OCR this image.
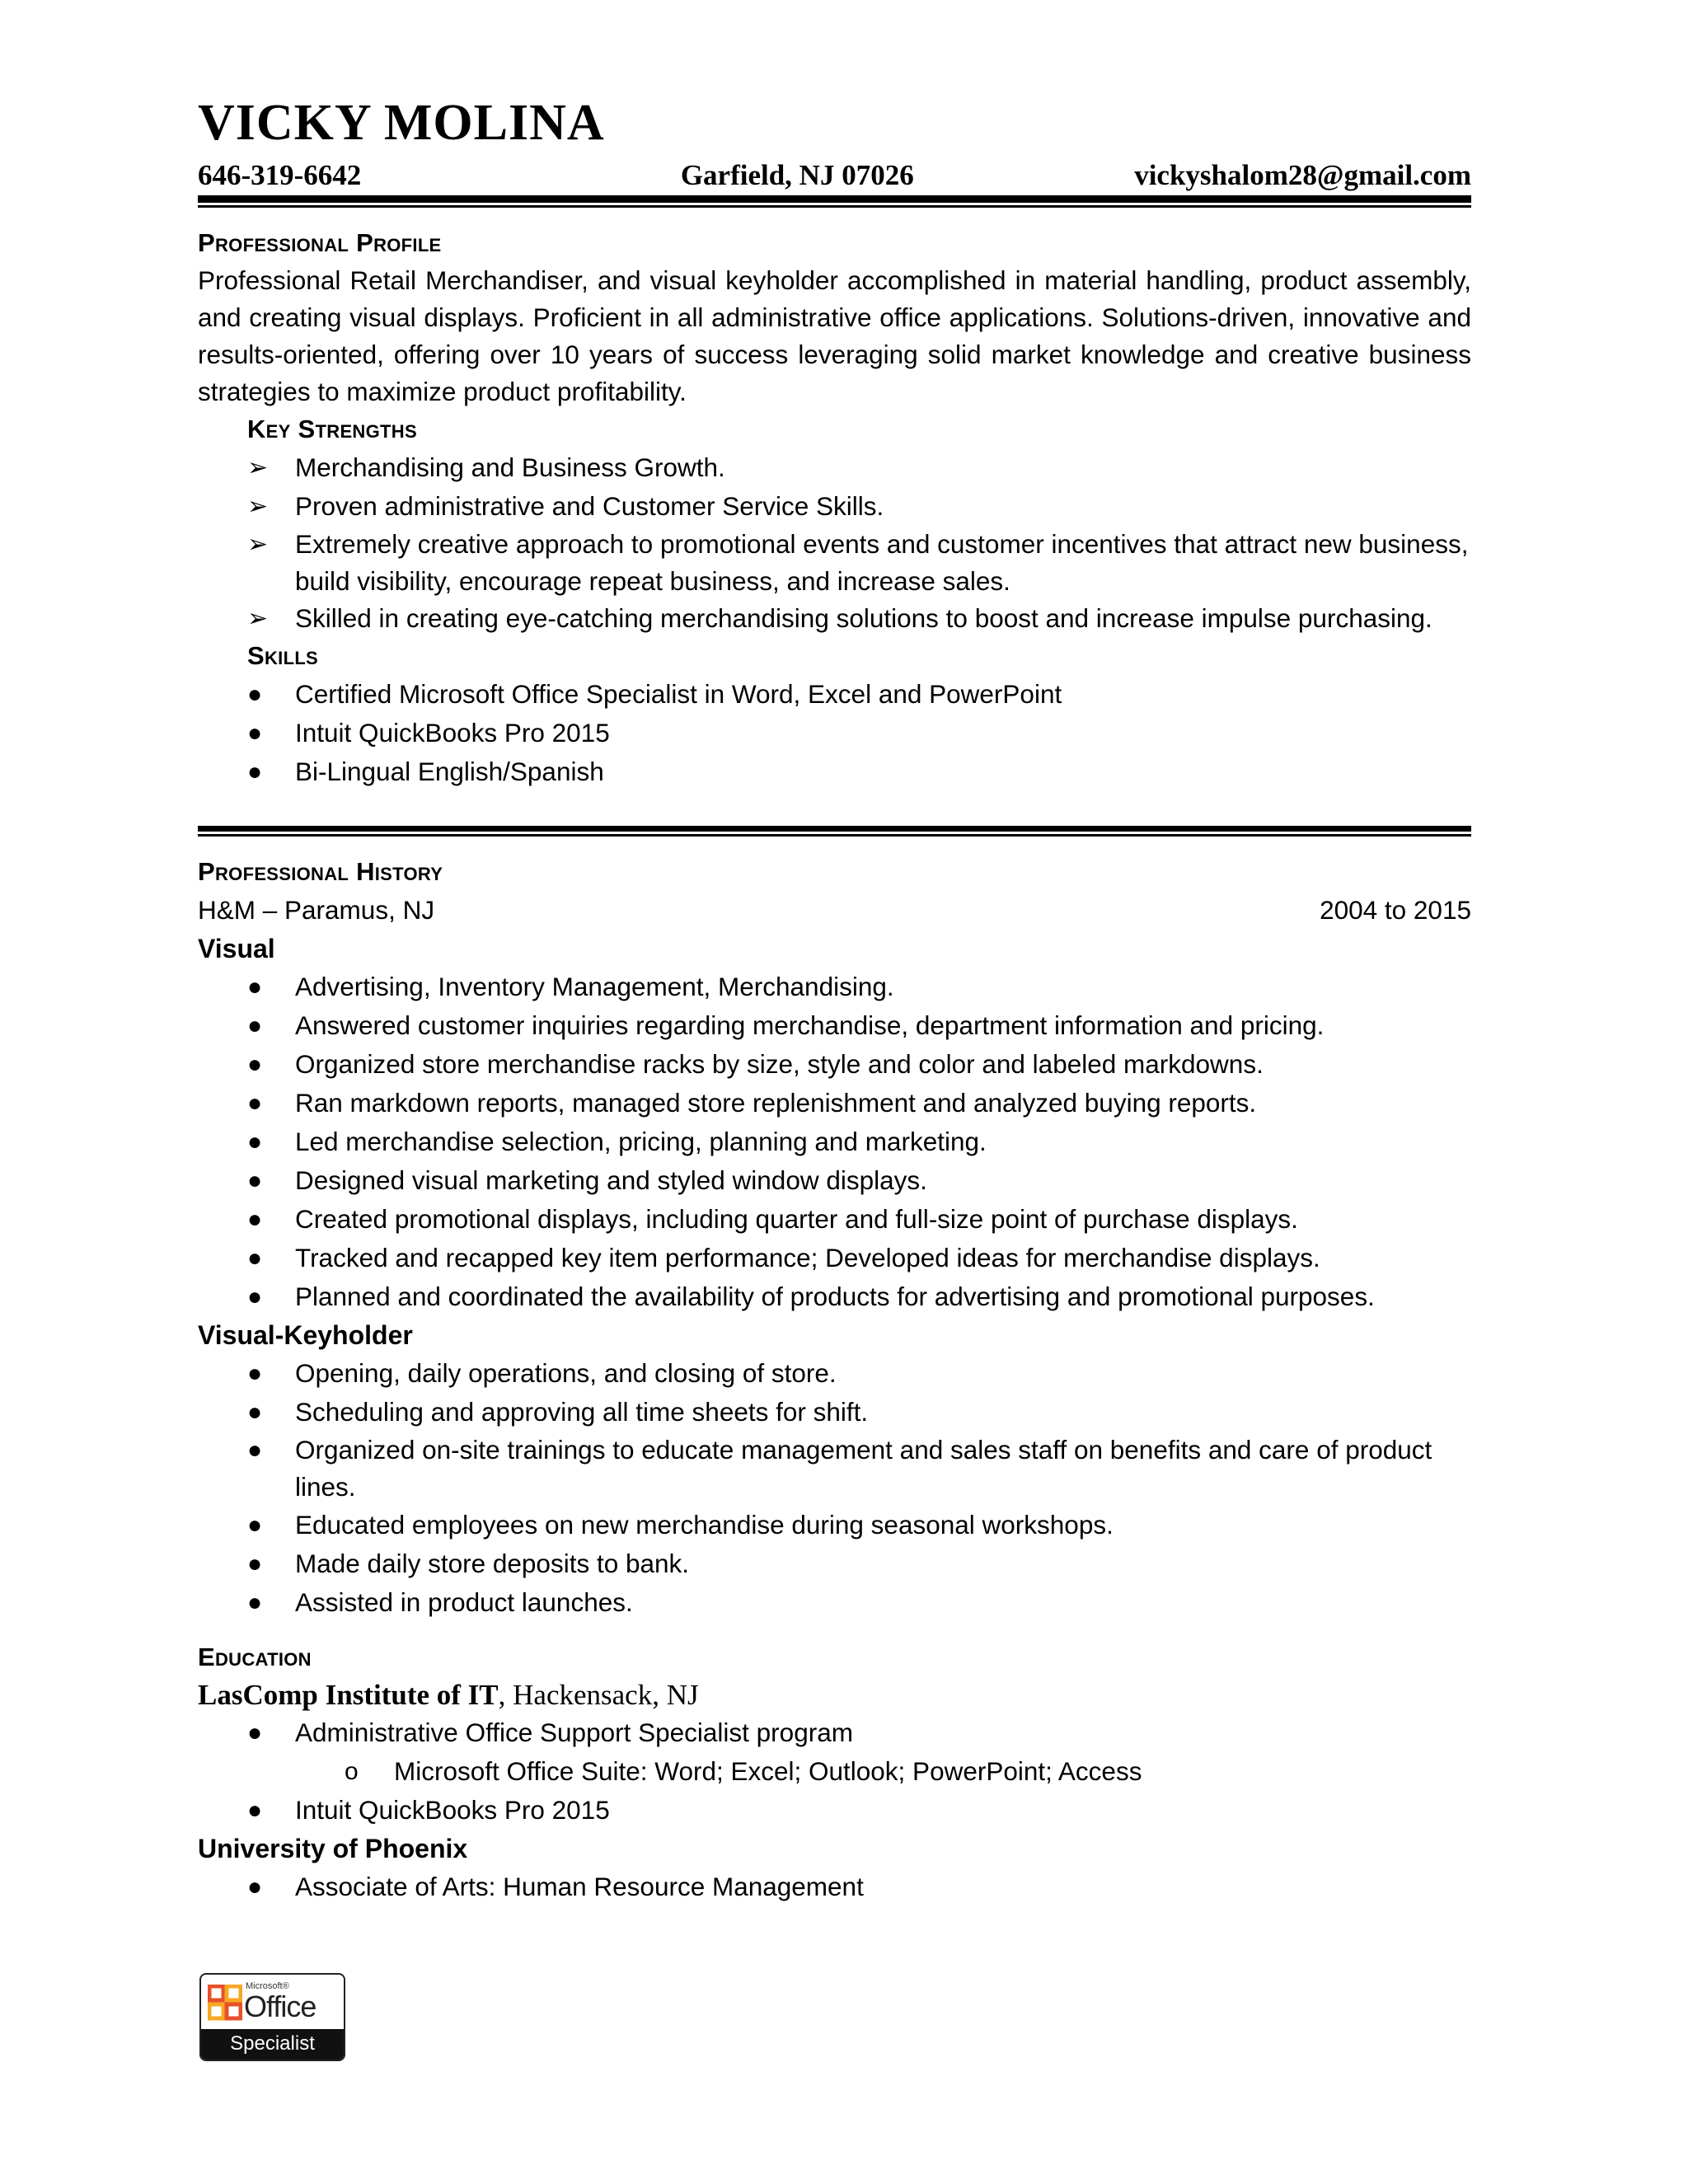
VICKY MOLINA
646-319-6642	Garfield, NJ 07026	vickyshalom28@gmail.com
Professional Profile

Professional Retail Merchandiser, and visual keyholder accomplished in material handling, product assembly, and creating visual displays. Proficient in all administrative office applications. Solutions-driven, innovative and results-oriented, offering over 10 years of success leveraging solid market knowledge and creative business strategies to maximize product profitability.

Key Strengths
➢ Merchandising and Business Growth.
➢ Proven administrative and Customer Service Skills.
➢ Extremely creative approach to promotional events and customer incentives that attract new business, build visibility, encourage repeat business, and increase sales.
➢ Skilled in creating eye-catching merchandising solutions to boost and increase impulse purchasing.
Skills
● Certified Microsoft Office Specialist in Word, Excel and PowerPoint
● Intuit QuickBooks Pro 2015
● Bi-Lingual English/Spanish
Professional History
H&M – Paramus, NJ	2004 to 2015
Visual
● Advertising, Inventory Management, Merchandising.
● Answered customer inquiries regarding merchandise, department information and pricing.
● Organized store merchandise racks by size, style and color and labeled markdowns.
● Ran markdown reports, managed store replenishment and analyzed buying reports.
● Led merchandise selection, pricing, planning and marketing.
● Designed visual marketing and styled window displays.
● Created promotional displays, including quarter and full-size point of purchase displays.
● Tracked and recapped key item performance; Developed ideas for merchandise displays.
● Planned and coordinated the availability of products for advertising and promotional purposes.
Visual-Keyholder
● Opening, daily operations, and closing of store.
● Scheduling and approving all time sheets for shift.
● Organized on-site trainings to educate management and sales staff on benefits and care of product lines.
● Educated employees on new merchandise during seasonal workshops.
● Made daily store deposits to bank.
● Assisted in product launches.
Education

LasComp Institute of IT, Hackensack, NJ

● Administrative Office Support Specialist program
o Microsoft Office Suite: Word; Excel; Outlook; PowerPoint; Access
● Intuit QuickBooks Pro 2015
University of Phoenix
● Associate of Arts: Human Resource Management
Microsoft®
Office
Specialist
